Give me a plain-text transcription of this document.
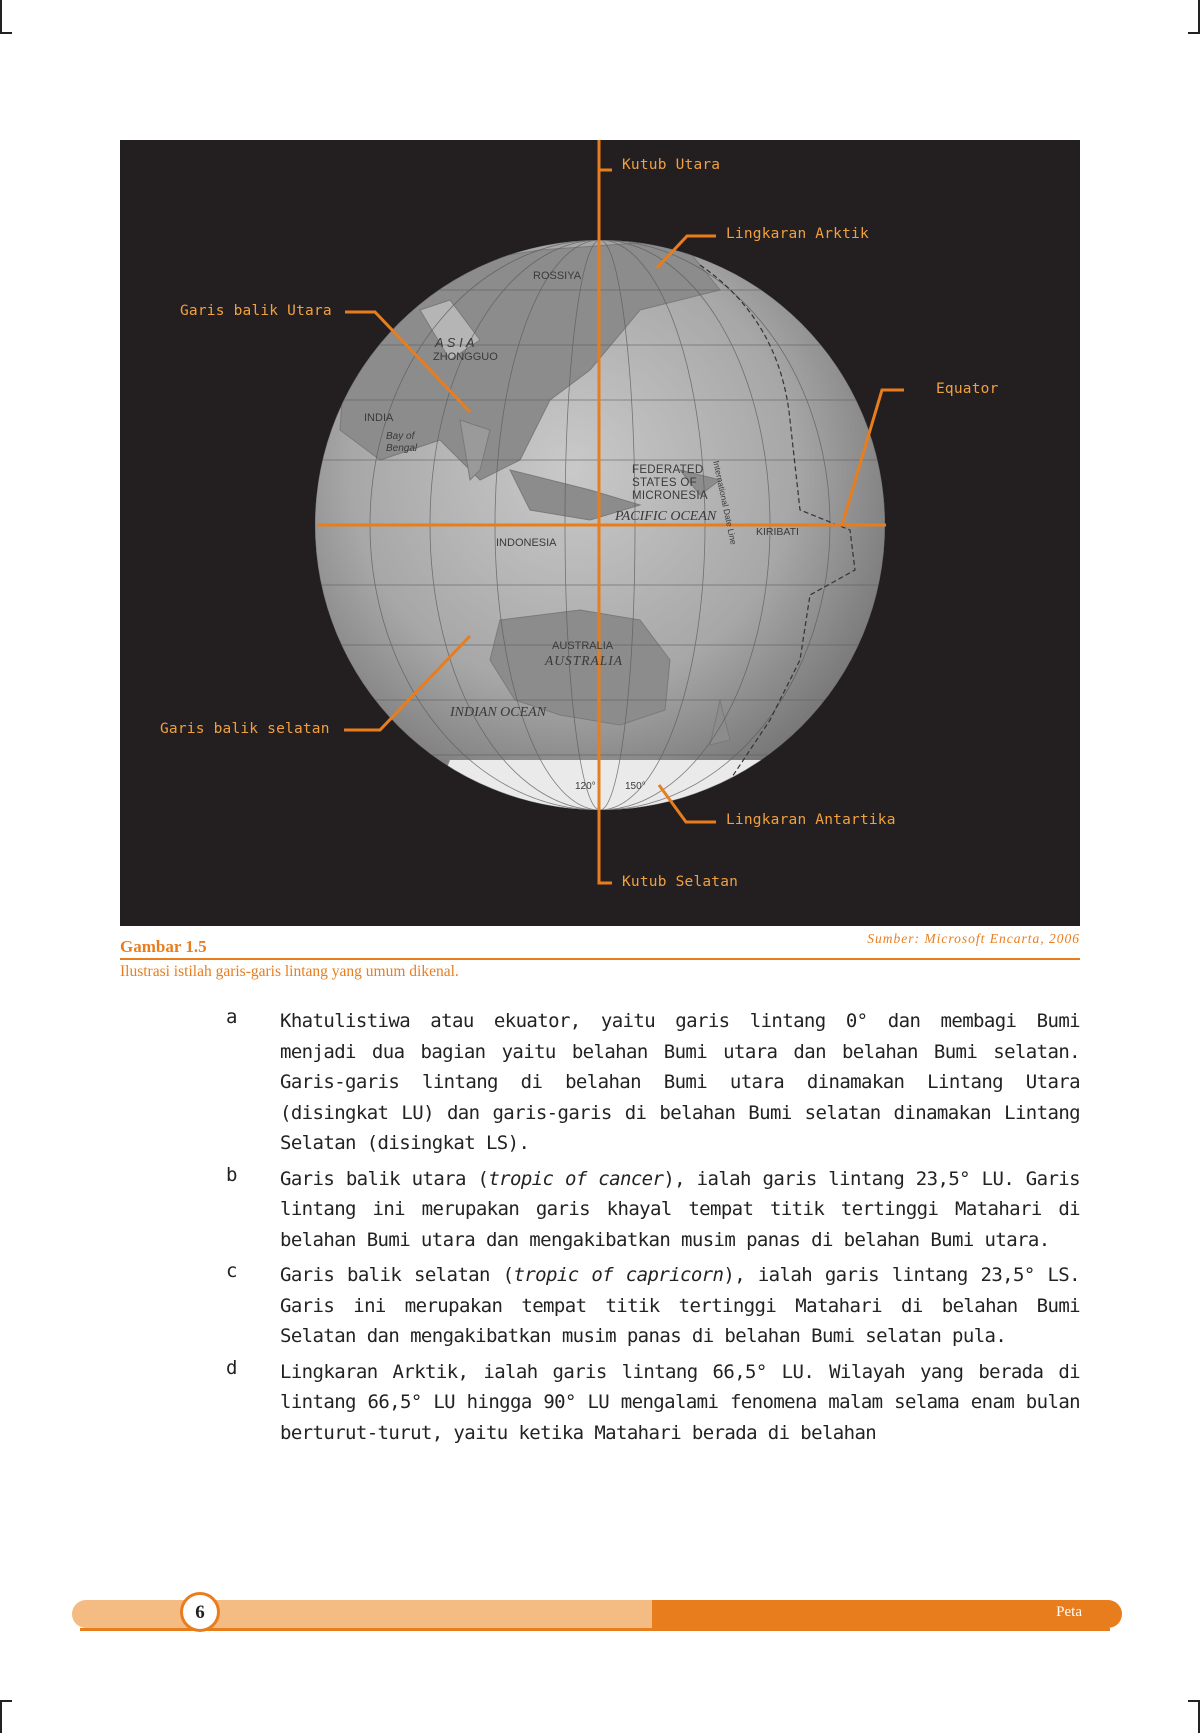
Kutub Utara
Lingkaran Arktik
Garis balik Utara
Equator
Garis balik selatan
Lingkaran Antartika
Kutub Selatan
ROSSIYA
A S I A
ZHONGGUO
INDIA
Bay of Bengal
FEDERATED STATES OF MICRONESIA
PACIFIC OCEAN
KIRIBATI
INDONESIA
AUSTRALIA
AUSTRALIA
INDIAN OCEAN
International Date Line
120°	150°
Gambar 1.5	Sumber: Microsoft Encarta, 2006
Ilustrasi istilah garis-garis lintang yang umum dikenal.
a Khatulistiwa atau ekuator, yaitu garis lintang 0° dan membagi Bumi menjadi dua bagian yaitu belahan Bumi utara dan belahan Bumi selatan. Garis-garis lintang di belahan Bumi utara dinamakan Lintang Utara (disingkat LU) dan garis-garis di belahan Bumi selatan dinamakan Lintang Selatan (disingkat LS).
b Garis balik utara (tropic of cancer), ialah garis lintang 23,5° LU. Garis lintang ini merupakan garis khayal tempat titik tertinggi Matahari di belahan Bumi utara dan mengakibatkan musim panas di belahan Bumi utara.
c Garis balik selatan (tropic of capricorn), ialah garis lintang 23,5° LS. Garis ini merupakan tempat titik tertinggi Matahari di belahan Bumi Selatan dan mengakibatkan musim panas di belahan Bumi selatan pula.
d Lingkaran Arktik, ialah garis lintang 66,5° LU. Wilayah yang berada di lintang 66,5° LU hingga 90° LU mengalami fenomena malam selama enam bulan berturut-turut, yaitu ketika Matahari berada di belahan
6	Peta
